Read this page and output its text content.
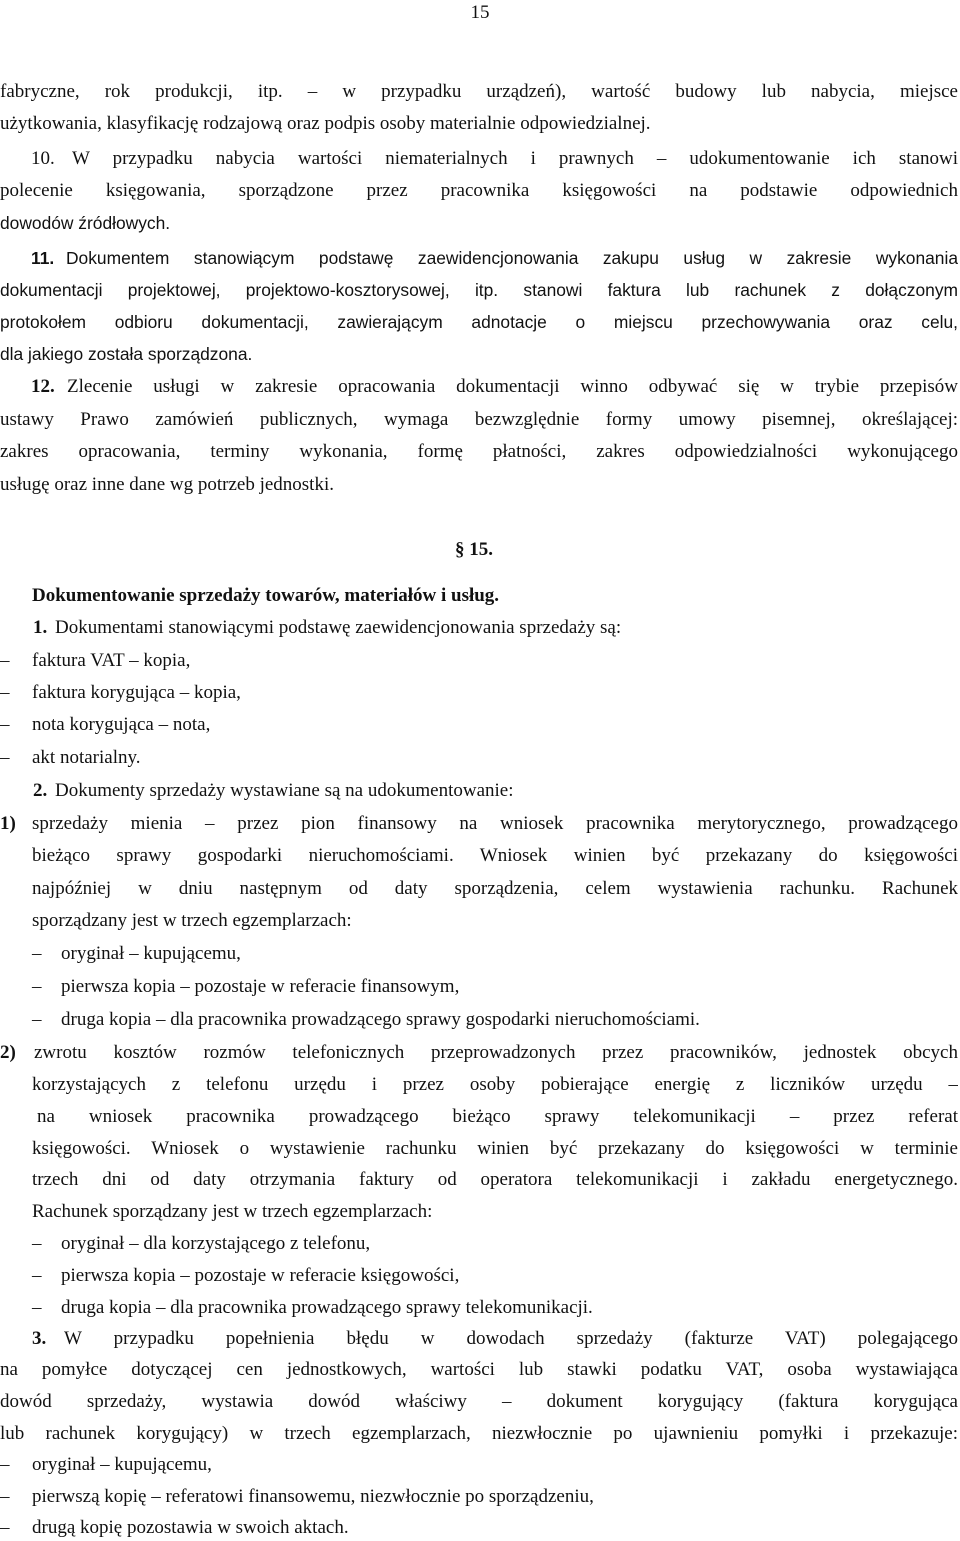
15
fabryczne, rok produkcji, itp. – w przypadku urządzeń), wartość budowy lub nabycia, miejsce
użytkowania, klasyfikację rodzajową oraz podpis osoby materialnie odpowiedzialnej.
10. W przypadku nabycia wartości niematerialnych i prawnych – udokumentowanie ich stanowi
polecenie księgowania, sporządzone przez pracownika księgowości na podstawie odpowiednich
dowodów źródłowych.
11. Dokumentem stanowiącym podstawę zaewidencjonowania zakupu usług w zakresie wykonania
dokumentacji projektowej, projektowo-kosztorysowej, itp. stanowi faktura lub rachunek z dołączonym
protokołem odbioru dokumentacji, zawierającym adnotacje o miejscu przechowywania oraz celu,
dla jakiego została sporządzona.
12. Zlecenie usługi w zakresie opracowania dokumentacji winno odbywać się w trybie przepisów
ustawy Prawo zamówień publicznych, wymaga bezwzględnie formy umowy pisemnej, określającej:
zakres opracowania, terminy wykonania, formę płatności, zakres odpowiedzialności wykonującego
usługę oraz inne dane wg potrzeb jednostki.
§ 15.
Dokumentowanie sprzedaży towarów, materiałów i usług.
1. Dokumentami stanowiącymi podstawę zaewidencjonowania sprzedaży są:
– faktura VAT – kopia,
– faktura korygująca – kopia,
– nota korygująca – nota,
– akt notarialny.
2. Dokumenty sprzedaży wystawiane są na udokumentowanie:
1) sprzedaży mienia – przez pion finansowy na wniosek pracownika merytorycznego, prowadzącego
bieżąco sprawy gospodarki nieruchomościami. Wniosek winien być przekazany do księgowości
najpóźniej w dniu następnym od daty sporządzenia, celem wystawienia rachunku. Rachunek
sporządzany jest w trzech egzemplarzach:
– oryginał – kupującemu,
– pierwsza kopia – pozostaje w referacie finansowym,
– druga kopia – dla pracownika prowadzącego sprawy gospodarki nieruchomościami.
2) zwrotu kosztów rozmów telefonicznych przeprowadzonych przez pracowników, jednostek obcych
korzystających z telefonu urzędu i przez osoby pobierające energię z liczników urzędu –
na wniosek pracownika prowadzącego bieżąco sprawy telekomunikacji – przez referat
księgowości. Wniosek o wystawienie rachunku winien być przekazany do księgowości w terminie
trzech dni od daty otrzymania faktury od operatora telekomunikacji i zakładu energetycznego.
Rachunek sporządzany jest w trzech egzemplarzach:
– oryginał – dla korzystającego z telefonu,
– pierwsza kopia – pozostaje w referacie księgowości,
– druga kopia – dla pracownika prowadzącego sprawy telekomunikacji.
3. W przypadku popełnienia błędu w dowodach sprzedaży (fakturze VAT) polegającego
na pomyłce dotyczącej cen jednostkowych, wartości lub stawki podatku VAT, osoba wystawiająca
dowód sprzedaży, wystawia dowód właściwy – dokument korygujący (faktura korygująca
lub rachunek korygujący) w trzech egzemplarzach, niezwłocznie po ujawnieniu pomyłki i przekazuje:
– oryginał – kupującemu,
– pierwszą kopię – referatowi finansowemu, niezwłocznie po sporządzeniu,
– drugą kopię pozostawia w swoich aktach.
